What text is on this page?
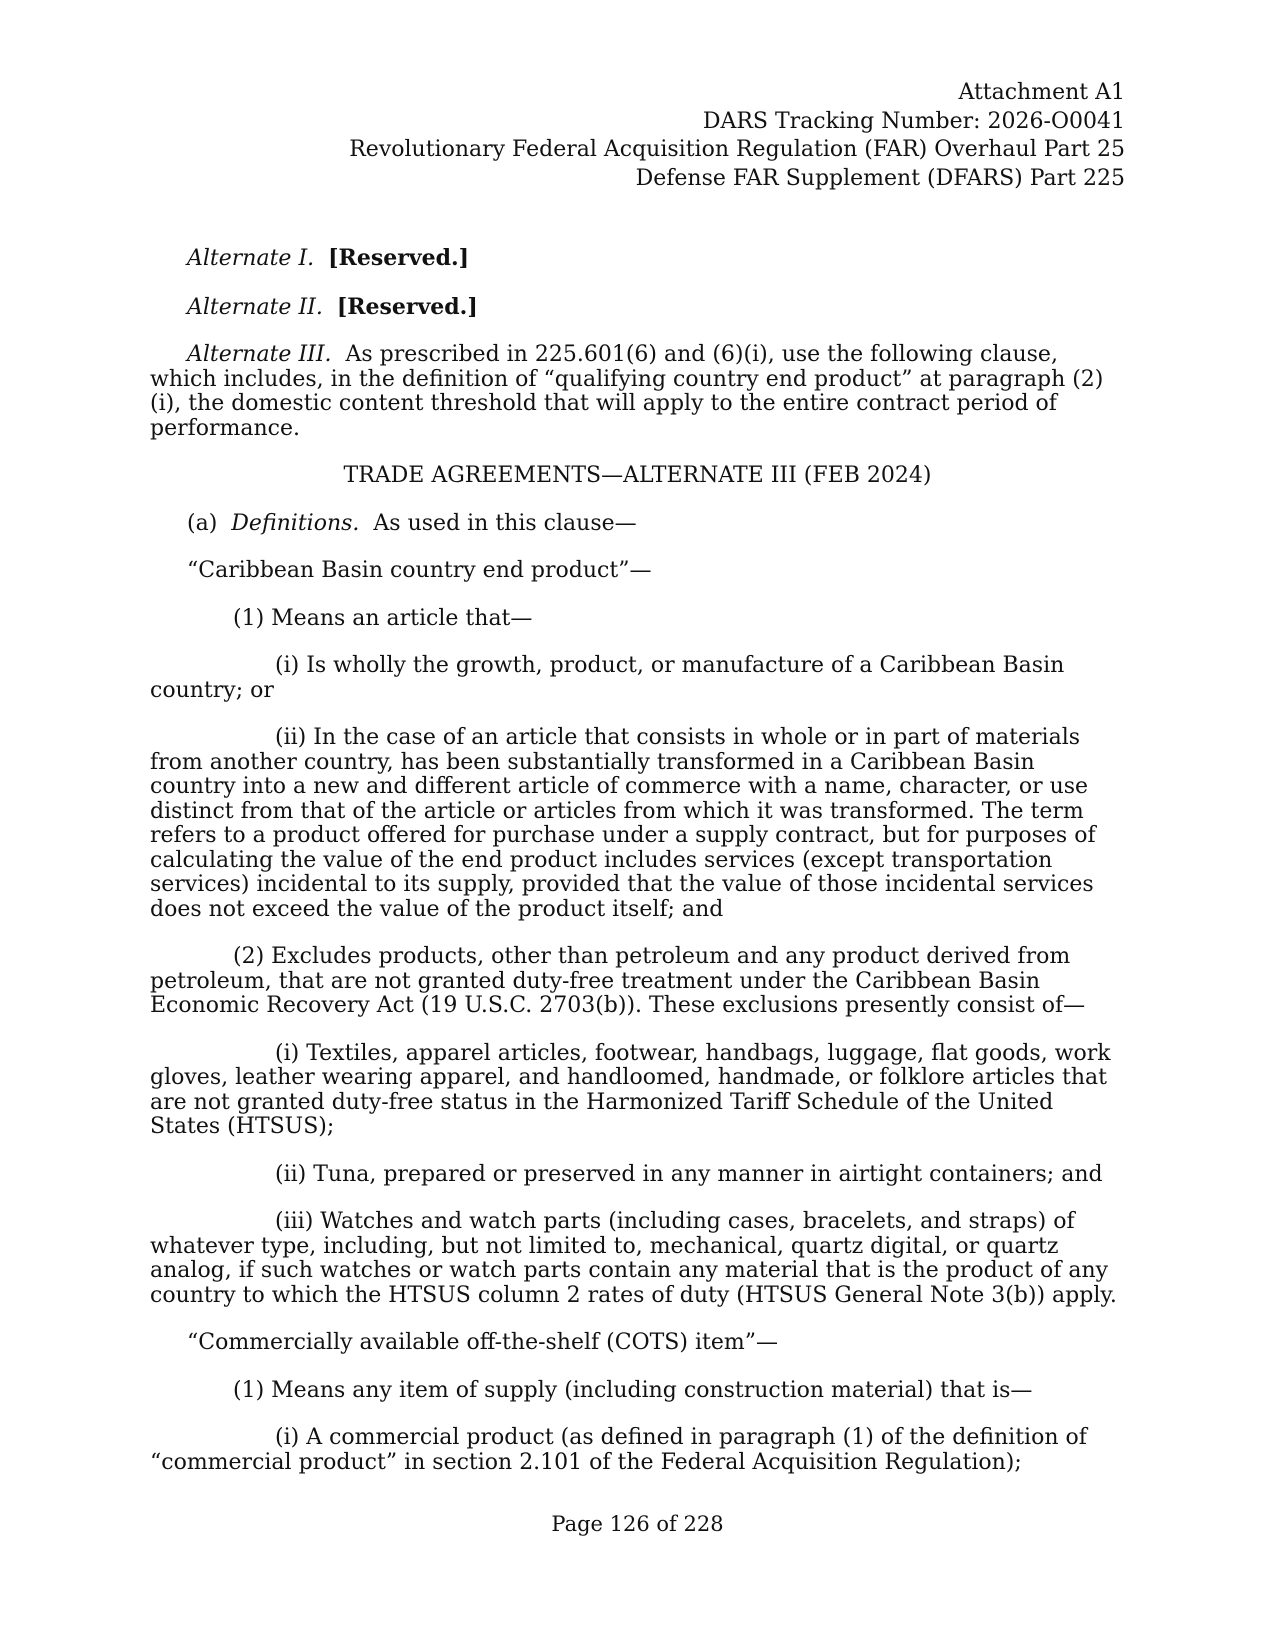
Attachment A1
DARS Tracking Number: 2026-O0041
Revolutionary Federal Acquisition Regulation (FAR) Overhaul Part 25
Defense FAR Supplement (DFARS) Part 225

Alternate I. [Reserved.]

Alternate II. [Reserved.]

Alternate III. As prescribed in 225.601(6) and (6)(i), use the following clause, which includes, in the definition of “qualifying country end product” at paragraph (2)(i), the domestic content threshold that will apply to the entire contract period of performance.

TRADE AGREEMENTS—ALTERNATE III (FEB 2024)

(a) Definitions. As used in this clause—

“Caribbean Basin country end product”—

(1) Means an article that—

(i) Is wholly the growth, product, or manufacture of a Caribbean Basin country; or

(ii) In the case of an article that consists in whole or in part of materials from another country, has been substantially transformed in a Caribbean Basin country into a new and different article of commerce with a name, character, or use distinct from that of the article or articles from which it was transformed. The term refers to a product offered for purchase under a supply contract, but for purposes of calculating the value of the end product includes services (except transportation services) incidental to its supply, provided that the value of those incidental services does not exceed the value of the product itself; and

(2) Excludes products, other than petroleum and any product derived from petroleum, that are not granted duty-free treatment under the Caribbean Basin Economic Recovery Act (19 U.S.C. 2703(b)). These exclusions presently consist of—

(i) Textiles, apparel articles, footwear, handbags, luggage, flat goods, work gloves, leather wearing apparel, and handloomed, handmade, or folklore articles that are not granted duty-free status in the Harmonized Tariff Schedule of the United States (HTSUS);

(ii) Tuna, prepared or preserved in any manner in airtight containers; and

(iii) Watches and watch parts (including cases, bracelets, and straps) of whatever type, including, but not limited to, mechanical, quartz digital, or quartz analog, if such watches or watch parts contain any material that is the product of any country to which the HTSUS column 2 rates of duty (HTSUS General Note 3(b)) apply.

“Commercially available off-the-shelf (COTS) item”—

(1) Means any item of supply (including construction material) that is—

(i) A commercial product (as defined in paragraph (1) of the definition of “commercial product” in section 2.101 of the Federal Acquisition Regulation);

Page 126 of 228
